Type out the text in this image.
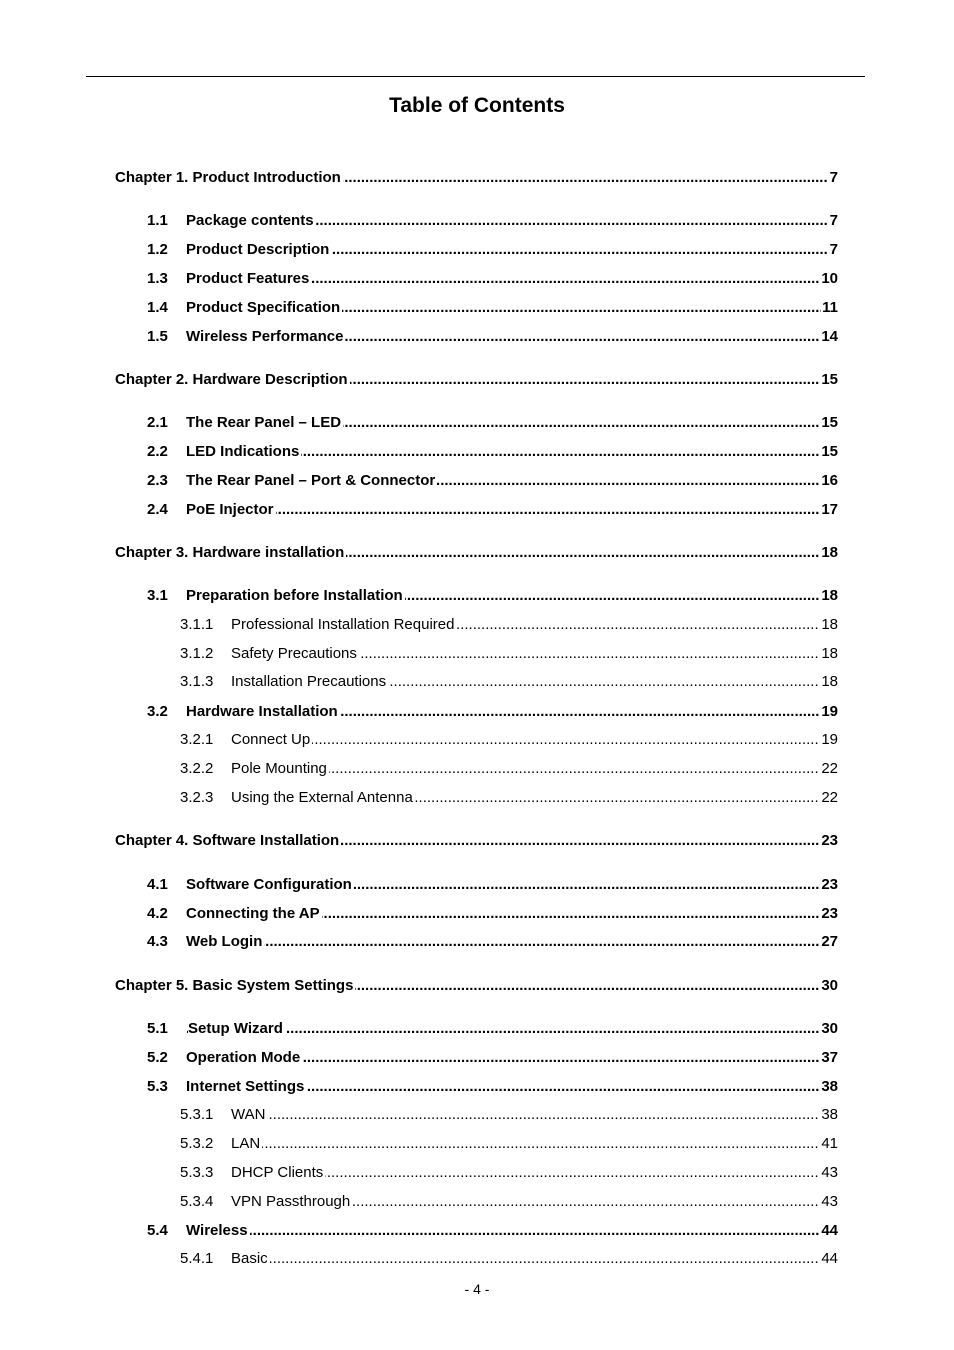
Table of Contents
Chapter 1. Product Introduction .....	7
1.1 Package contents .....	7
1.2 Product Description .....	7
1.3 Product Features .....	10
1.4 Product Specification .....	11
1.5 Wireless Performance .....	14
Chapter 2. Hardware Description .....	15
2.1 The Rear Panel – LED .....	15
2.2 LED Indications .....	15
2.3 The Rear Panel – Port & Connector .....	16
2.4 PoE Injector .....	17
Chapter 3. Hardware installation .....	18
3.1 Preparation before Installation .....	18
3.1.1 Professional Installation Required .....	18
3.1.2 Safety Precautions .....	18
3.1.3 Installation Precautions .....	18
3.2 Hardware Installation .....	19
3.2.1 Connect Up .....	19
3.2.2 Pole Mounting .....	22
3.2.3 Using the External Antenna .....	22
Chapter 4. Software Installation .....	23
4.1 Software Configuration .....	23
4.2 Connecting the AP .....	23
4.3 Web Login .....	27
Chapter 5. Basic System Settings .....	30
5.1 Setup Wizard .....	30
5.2 Operation Mode .....	37
5.3 Internet Settings .....	38
5.3.1 WAN .....	38
5.3.2 LAN .....	41
5.3.3 DHCP Clients .....	43
5.3.4 VPN Passthrough .....	43
5.4 Wireless .....	44
5.4.1 Basic .....	44
- 4 -
